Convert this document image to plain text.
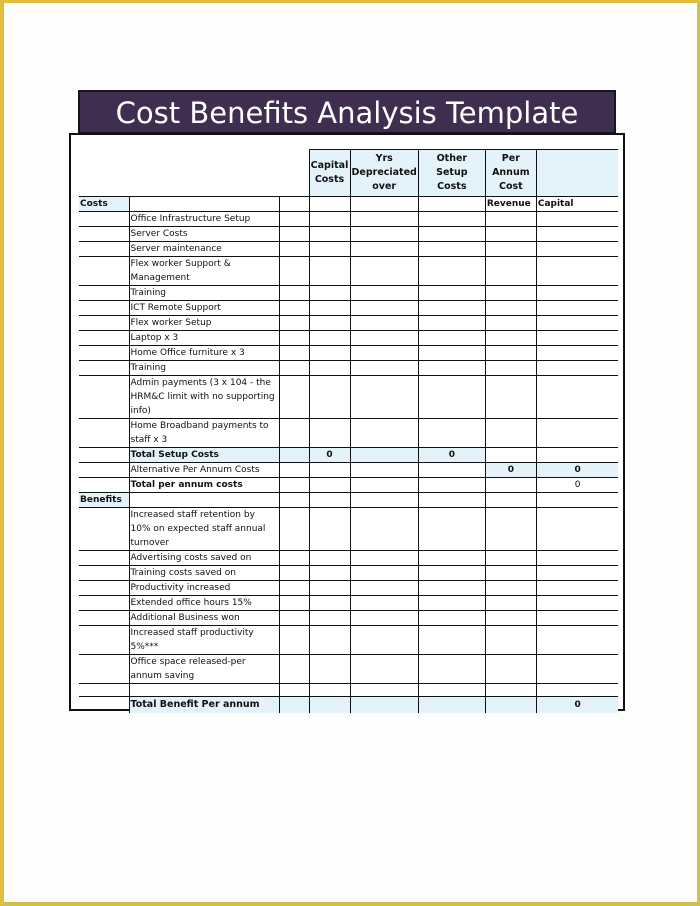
Cost Benefits Analysis Template
			Capital Costs	Yrs Depreciated over	Other Setup Costs	Per Annum Cost	
Costs						Revenue	Capital
	Office Infrastructure Setup						
	Server Costs						
	Server maintenance						
	Flex worker Support & Management						
	Training						
	ICT Remote Support						
	Flex worker Setup						
	Laptop x 3						
	Home Office furniture x 3						
	Training						
	Admin payments (3 x 104 - the HRM&C limit with no supporting info)						
	Home Broadband payments to staff x 3						
	Total Setup Costs		0		0		
	Alternative Per Annum Costs					0	0
	Total per annum costs						0
Benefits							
	Increased staff retention by 10% on expected staff annual turnover						
	Advertising costs saved on						
	Training costs saved on						
	Productivity increased						
	Extended office hours 15%						
	Additional Business won						
	Increased staff productivity 5%***						
	Office space released-per annum saving						

	Total Benefit Per annum						0
